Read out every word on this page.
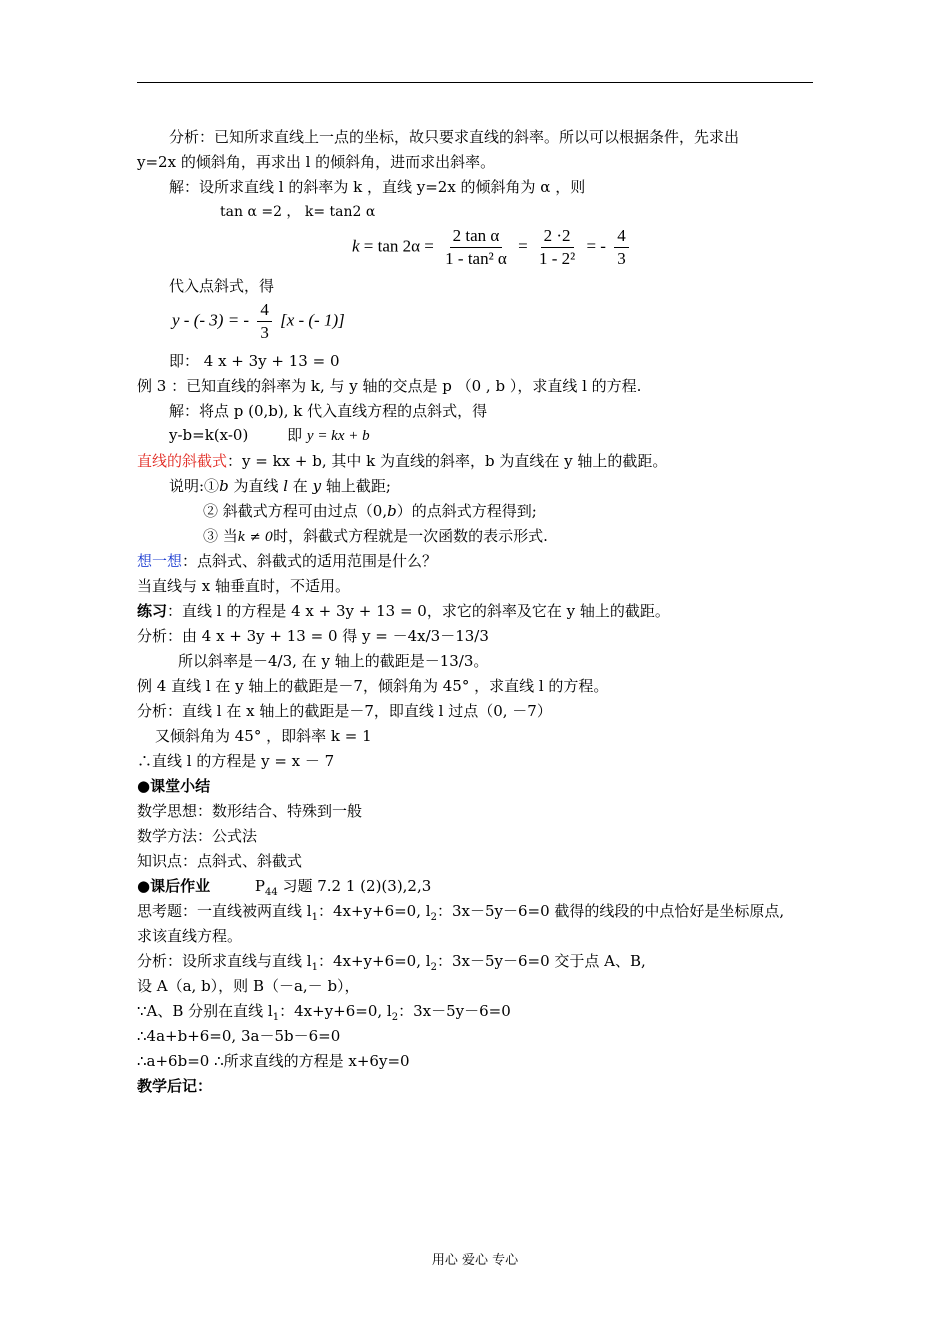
分析：已知所求直线上一点的坐标，故只要求直线的斜率。所以可以根据条件，先求出
y=2x 的倾斜角，再求出 l 的倾斜角，进而求出斜率。
解：设所求直线 l 的斜率为 k ，直线 y=2x 的倾斜角为 α ，则
tan α =2 ， k= tan2 α
$k = \tan 2\alpha = \frac{\text{2 tan α}}{\text{1 - tan² α}} = \frac{2 \cdot 2}{\text{1 - 2²}}$ = - $\frac{4}{3}$
代入点斜式，得
y - (- 3) = - $\frac{4}{3} [x$ - (- 1)]
即： 4 x + 3y + 13 = 0
例 3 ：已知直线的斜率为 k, 与 y 轴的交点是 p （0 , b ），求直线 l 的方程.
解：将点 p (0,b), k 代入直线方程的点斜式，得
y-b=k(x-0)	即 y = kx + b
直线的斜截式：y = kx + b, 其中 k 为直线的斜率，b 为直线在 y 轴上的截距。
说明:①b 为直线 l 在 y 轴上截距;
② 斜截式方程可由过点（0,b）的点斜式方程得到;
③ 当k ≠ 0时，斜截式方程就是一次函数的表示形式.
想一想：点斜式、斜截式的适用范围是什么？
当直线与 x 轴垂直时，不适用。
练习：直线 l 的方程是 4 x + 3y + 13 = 0，求它的斜率及它在 y 轴上的截距。
分析：由 4 x + 3y + 13 = 0 得 y = －4x/3－13/3
所以斜率是－4/3, 在 y 轴上的截距是－13/3。
例 4 直线 l 在 y 轴上的截距是－7，倾斜角为 45° ，求直线 l 的方程。
分析：直线 l 在 x 轴上的截距是－7，即直线 l 过点（0, －7）
又倾斜角为 45° ，即斜率 k = 1
∴直线 l 的方程是 y = x － 7
●课堂小结
数学思想：数形结合、特殊到一般
数学方法：公式法
知识点：点斜式、斜截式
●课后作业	$P_{44}$ 习题 7.2 1 (2)(3),2,3
思考题：一直线被两直线 $l_1$：4x+y+6=0, $l_2$：3x－5y－6=0 截得的线段的中点恰好是坐标原点,
求该直线方程。
分析：设所求直线与直线 $l_1$：4x+y+6=0, $l_2$：3x－5y－6=0 交于点 A、B,
设 A（a, b），则 B（－a,－ b），
∵A、B 分别在直线 $l_1$：4x+y+6=0, $l_2$：3x－5y－6=0
∴4a+b+6=0, 3a－5b－6=0
∴a+6b=0 ∴所求直线的方程是 x+6y=0
教学后记：
用心 爱心 专心
